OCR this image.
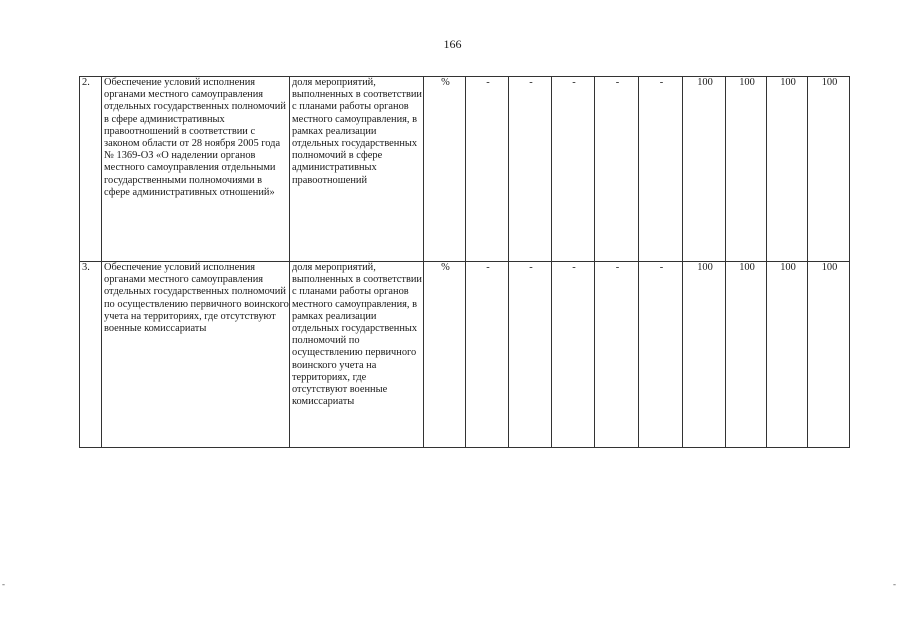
166
2.	Обеспечение условий исполнения органами местного самоуправления отдельных государственных полномочий в сфере административных правоотношений в соответствии с законом области от 28 ноября 2005 года № 1369-ОЗ «О наделении органов местного самоуправления отдельными государственными полномочиями в сфере административных отношений»	доля мероприятий, выполненных в соответствии с планами работы органов местного самоуправления, в рамках реализации отдельных государственных полномочий в сфере административных правоотношений	%	-	-	-	-	-	100	100	100	100
3.	Обеспечение условий исполнения органами местного самоуправления отдельных государственных полномочий по осуществлению первичного воинского учета на территориях, где отсутствуют военные комиссариаты	доля мероприятий, выполненных в соответствии с планами работы органов местного самоуправления, в рамках реализации отдельных государственных полномочий по осуществлению первичного воинского учета на территориях, где отсутствуют военные комиссариаты	%	-	-	-	-	-	100	100	100	100
-	-
